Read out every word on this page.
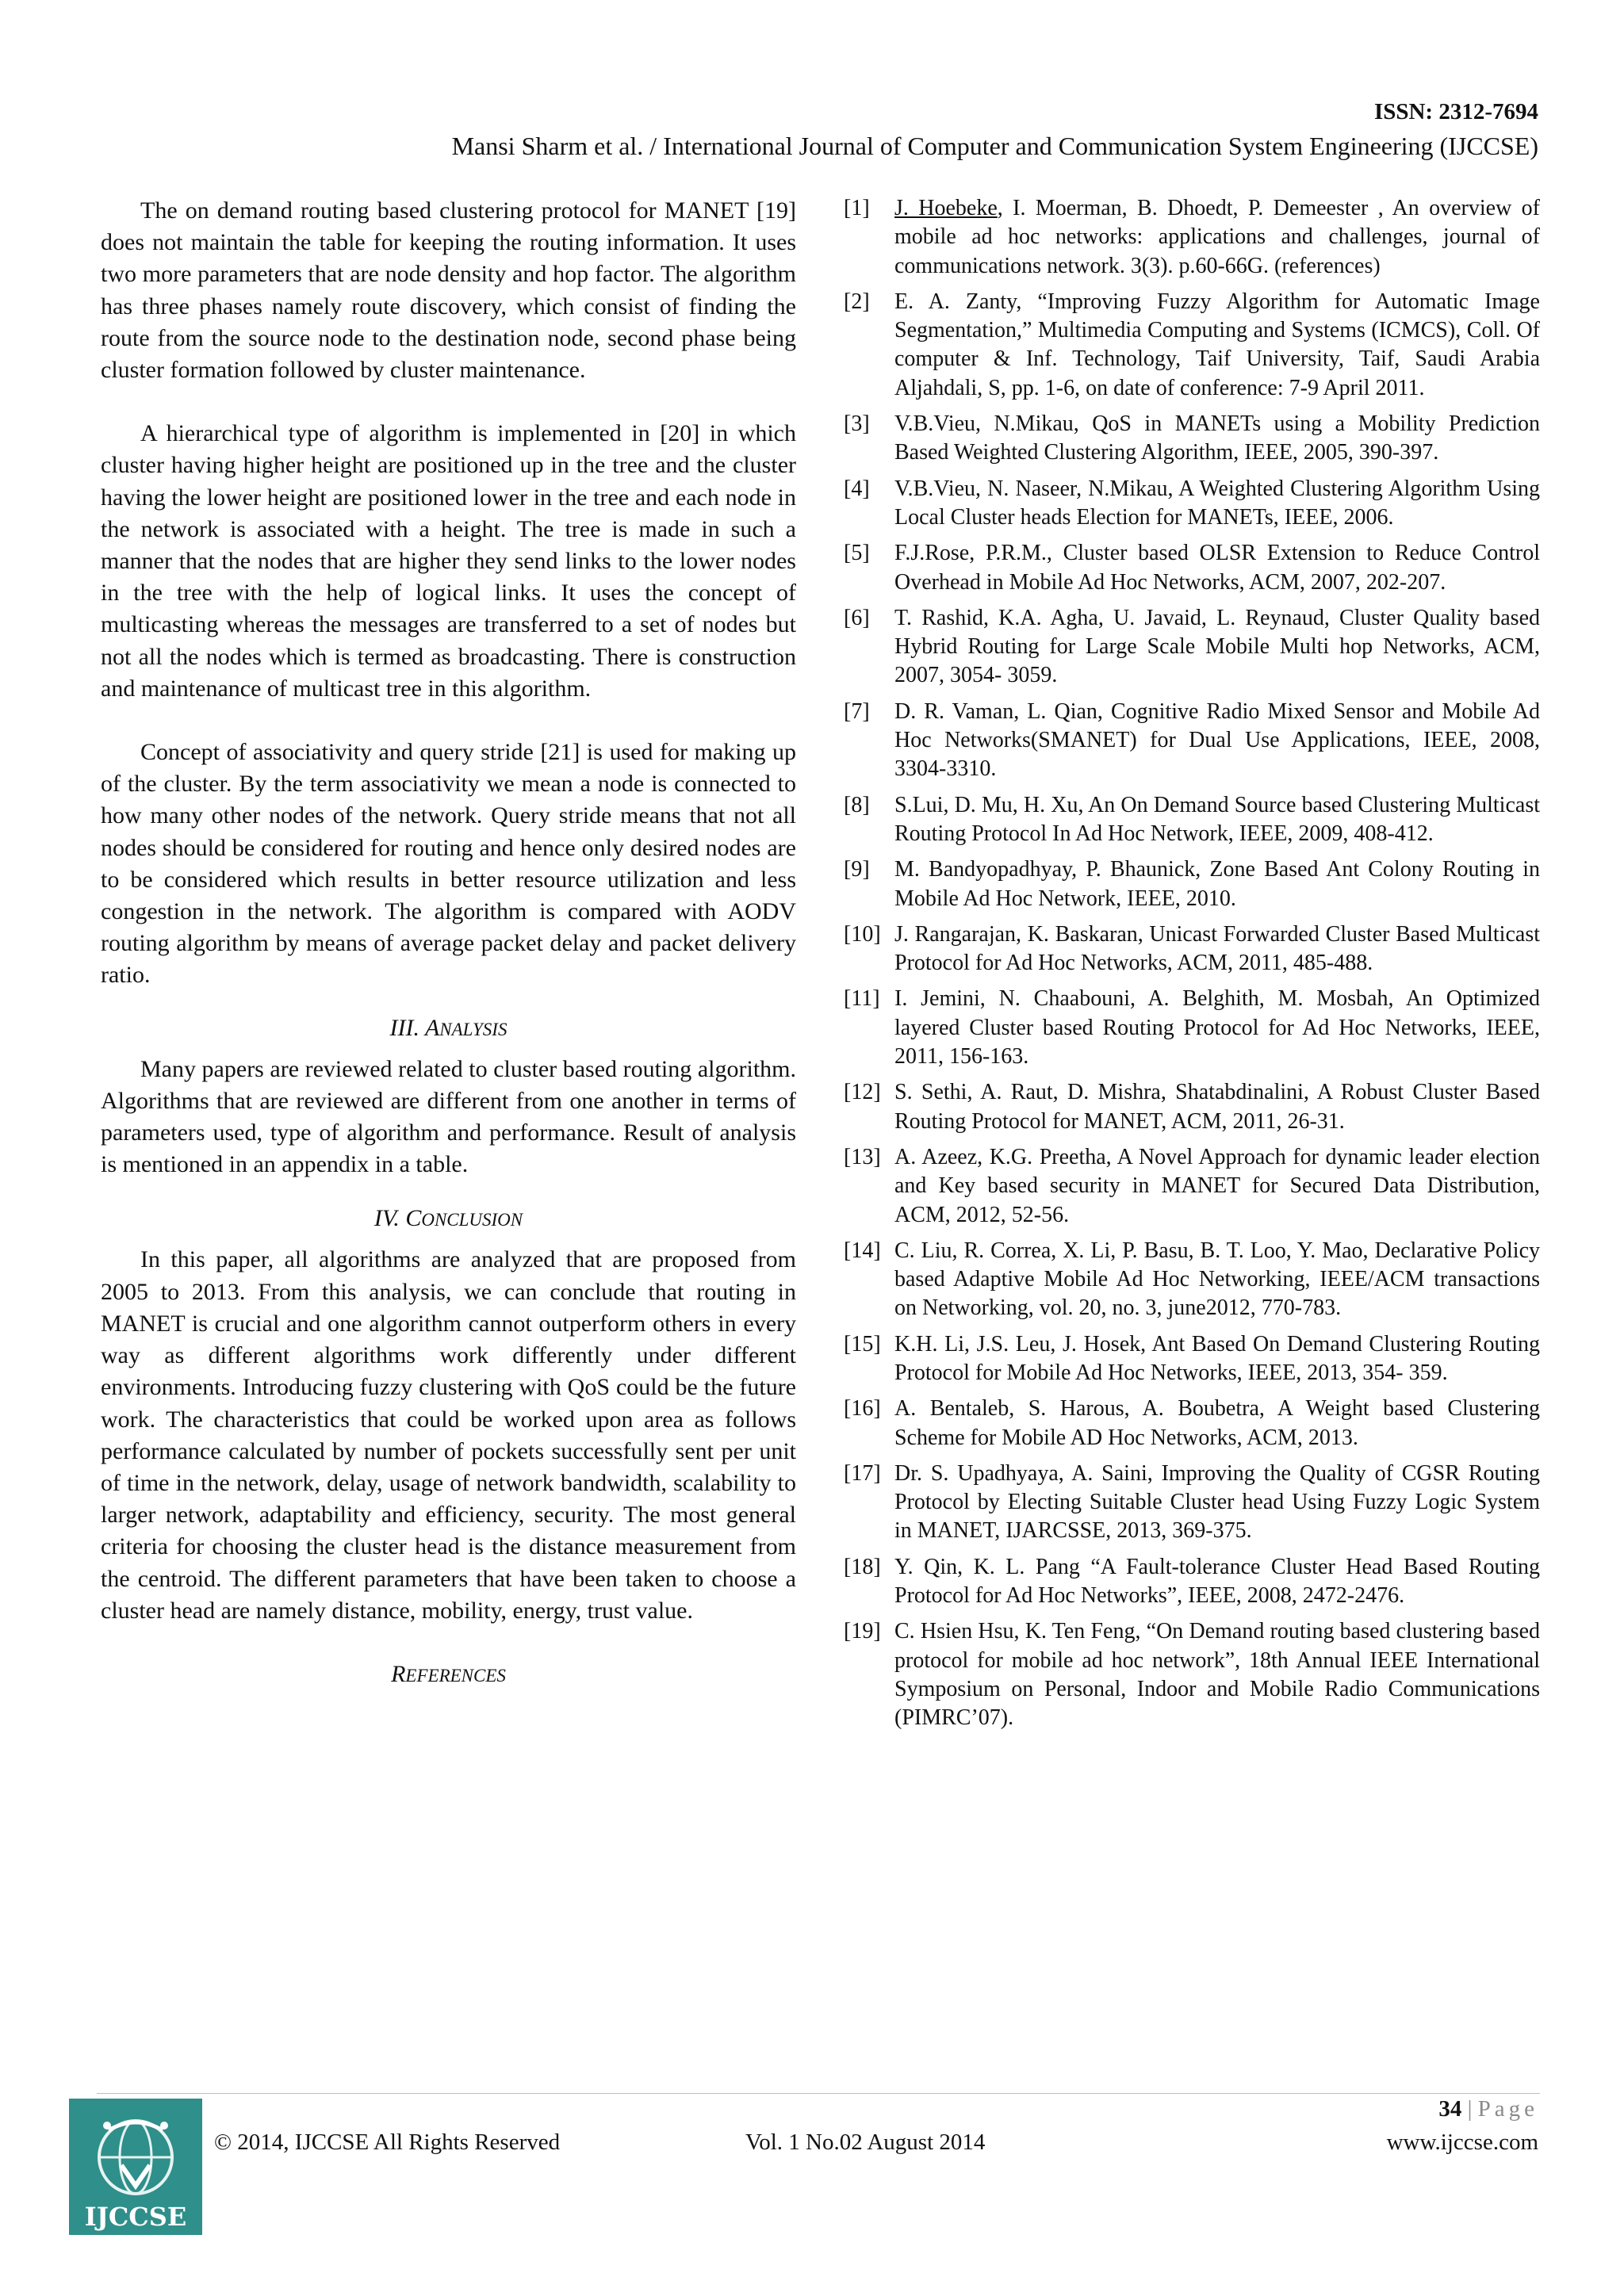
ISSN: 2312-7694
Mansi Sharm et al. / International Journal of Computer and Communication System Engineering (IJCCSE)

The on demand routing based clustering protocol for MANET [19] does not maintain the table for keeping the routing information. It uses two more parameters that are node density and hop factor. The algorithm has three phases namely route discovery, which consist of finding the route from the source node to the destination node, second phase being cluster formation followed by cluster maintenance.

A hierarchical type of algorithm is implemented in [20] in which cluster having higher height are positioned up in the tree and the cluster having the lower height are positioned lower in the tree and each node in the network is associated with a height. The tree is made in such a manner that the nodes that are higher they send links to the lower nodes in the tree with the help of logical links. It uses the concept of multicasting whereas the messages are transferred to a set of nodes but not all the nodes which is termed as broadcasting. There is construction and maintenance of multicast tree in this algorithm.

Concept of associativity and query stride [21] is used for making up of the cluster. By the term associativity we mean a node is connected to how many other nodes of the network. Query stride means that not all nodes should be considered for routing and hence only desired nodes are to be considered which results in better resource utilization and less congestion in the network. The algorithm is compared with AODV routing algorithm by means of average packet delay and packet delivery ratio.

III. ANALYSIS

Many papers are reviewed related to cluster based routing algorithm. Algorithms that are reviewed are different from one another in terms of parameters used, type of algorithm and performance. Result of analysis is mentioned in an appendix in a table.

IV. CONCLUSION

In this paper, all algorithms are analyzed that are proposed from 2005 to 2013. From this analysis, we can conclude that routing in MANET is crucial and one algorithm cannot outperform others in every way as different algorithms work differently under different environments. Introducing fuzzy clustering with QoS could be the future work. The characteristics that could be worked upon area as follows performance calculated by number of pockets successfully sent per unit of time in the network, delay, usage of network bandwidth, scalability to larger network, adaptability and efficiency, security. The most general criteria for choosing the cluster head is the distance measurement from the centroid. The different parameters that have been taken to choose a cluster head are namely distance, mobility, energy, trust value.

REFERENCES
[1]	J. Hoebeke, I. Moerman, B. Dhoedt, P. Demeester , An overview of mobile ad hoc networks: applications and challenges, journal of communications network. 3(3). p.60-66G. (references)
[2]	E. A. Zanty, “Improving Fuzzy Algorithm for Automatic Image Segmentation,” Multimedia Computing and Systems (ICMCS), Coll. Of computer & Inf. Technology, Taif University, Taif, Saudi Arabia Aljahdali, S, pp. 1-6, on date of conference: 7-9 April 2011.
[3]	V.B.Vieu, N.Mikau, QoS in MANETs using a Mobility Prediction Based Weighted Clustering Algorithm, IEEE, 2005, 390-397.
[4]	V.B.Vieu, N. Naseer, N.Mikau, A Weighted Clustering Algorithm Using Local Cluster heads Election for MANETs, IEEE, 2006.
[5]	F.J.Rose, P.R.M., Cluster based OLSR Extension to Reduce Control Overhead in Mobile Ad Hoc Networks, ACM, 2007, 202-207.
[6]	T. Rashid, K.A. Agha, U. Javaid, L. Reynaud, Cluster Quality based Hybrid Routing for Large Scale Mobile Multi hop Networks, ACM, 2007, 3054- 3059.
[7]	D. R. Vaman, L. Qian, Cognitive Radio Mixed Sensor and Mobile Ad Hoc Networks(SMANET) for Dual Use Applications, IEEE, 2008, 3304-3310.
[8]	S.Lui, D. Mu, H. Xu, An On Demand Source based Clustering Multicast Routing Protocol In Ad Hoc Network, IEEE, 2009, 408-412.
[9]	M. Bandyopadhyay, P. Bhaunick, Zone Based Ant Colony Routing in Mobile Ad Hoc Network, IEEE, 2010.
[10] J. Rangarajan, K. Baskaran, Unicast Forwarded Cluster Based Multicast Protocol for Ad Hoc Networks, ACM, 2011, 485-488.
[11] I. Jemini, N. Chaabouni, A. Belghith, M. Mosbah, An Optimized layered Cluster based Routing Protocol for Ad Hoc Networks, IEEE, 2011, 156-163.
[12] S. Sethi, A. Raut, D. Mishra, Shatabdinalini, A Robust Cluster Based Routing Protocol for MANET, ACM, 2011, 26-31.
[13] A. Azeez, K.G. Preetha, A Novel Approach for dynamic leader election and Key based security in MANET for Secured Data Distribution, ACM, 2012, 52-56.
[14] C. Liu, R. Correa, X. Li, P. Basu, B. T. Loo, Y. Mao, Declarative Policy based Adaptive Mobile Ad Hoc Networking, IEEE/ACM transactions on Networking, vol. 20, no. 3, june2012, 770-783.
[15] K.H. Li, J.S. Leu, J. Hosek, Ant Based On Demand Clustering Routing Protocol for Mobile Ad Hoc Networks, IEEE, 2013, 354- 359.
[16] A. Bentaleb, S. Harous, A. Boubetra, A Weight based Clustering Scheme for Mobile AD Hoc Networks, ACM, 2013.
[17] Dr. S. Upadhyaya, A. Saini, Improving the Quality of CGSR Routing Protocol by Electing Suitable Cluster head Using Fuzzy Logic System in MANET, IJARCSSE, 2013, 369-375.
[18] Y. Qin, K. L. Pang “A Fault-tolerance Cluster Head Based Routing Protocol for Ad Hoc Networks”, IEEE, 2008, 2472-2476.
[19] C. Hsien Hsu, K. Ten Feng, “On Demand routing based clustering based protocol for mobile ad hoc network”, 18th Annual IEEE International Symposium on Personal, Indoor and Mobile Radio Communications (PIMRC’07).
IJCCSE
© 2014, IJCCSE All Rights Reserved	Vol. 1 No.02 August 2014
34 | Page
www.ijccse.com
